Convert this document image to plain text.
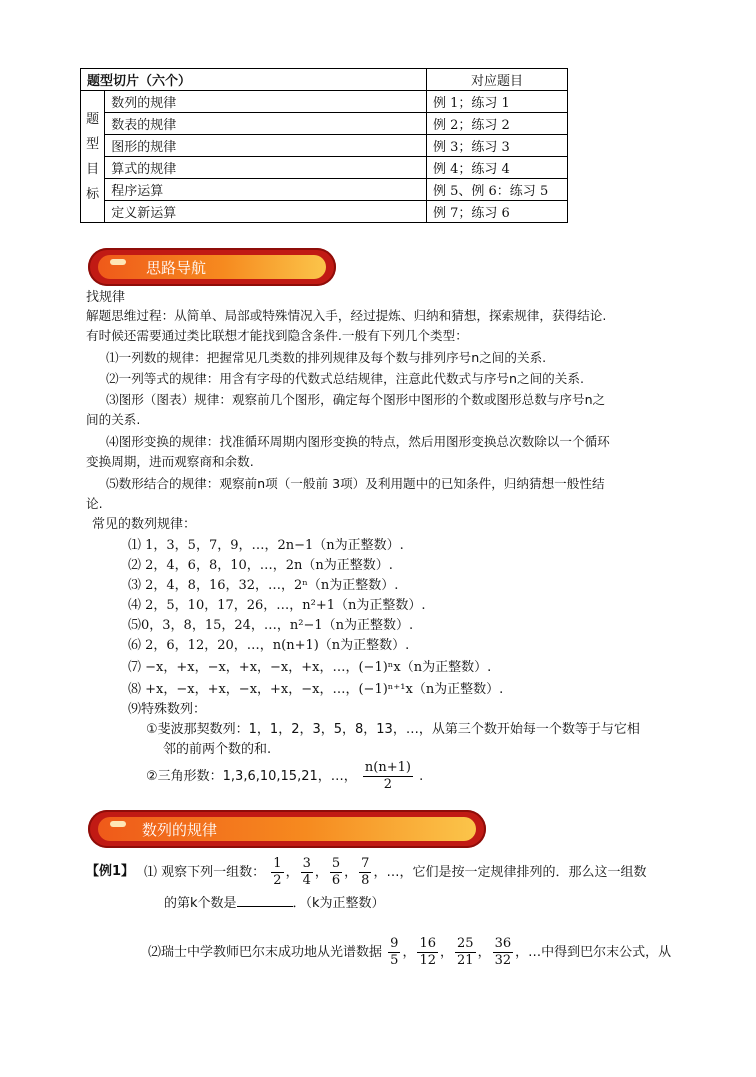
题型切片（六个）		对应题目

题
型
目
标	数列的规律	例 1；练习 1
	数表的规律	例 2；练习 2
	图形的规律	例 3；练习 3
	算式的规律	例 4；练习 4
	程序运算	例 5、例 6：练习 5
	定义新运算	例 7；练习 6
思路导航
找规律
解题思维过程：从简单、局部或特殊情况入手，经过提炼、归纳和猜想，探索规律，获得结论.
有时候还需要通过类比联想才能找到隐含条件.一般有下列几个类型：
⑴一列数的规律：把握常见几类数的排列规律及每个数与排列序号n之间的关系.
⑵一列等式的规律：用含有字母的代数式总结规律，注意此代数式与序号n之间的关系.
⑶图形（图表）规律：观察前几个图形，确定每个图形中图形的个数或图形总数与序号n之
间的关系.
⑷图形变换的规律：找准循环周期内图形变换的特点，然后用图形变换总次数除以一个循环
变换周期，进而观察商和余数.
⑸数形结合的规律：观察前n项（一般前 3项）及利用题中的已知条件，归纳猜想一般性结
论.
常见的数列规律：
⑴ 1，3，5，7，9，…，2n−1（n为正整数）.
⑵ 2，4，6，8，10，…，2n（n为正整数）.
⑶ 2，4，8，16，32，…，2ⁿ（n为正整数）.
⑷ 2，5，10，17，26，…，n²+1（n为正整数）.
⑸0，3，8，15，24，…，n²−1（n为正整数）.
⑹ 2，6，12，20，…，n(n+1)（n为正整数）.
⑺ −x，+x，−x，+x，−x，+x，…，(−1)ⁿx（n为正整数）.
⑻ +x，−x，+x，−x，+x，−x，…，(−1)ⁿ⁺¹x（n为正整数）.
⑼特殊数列：
①斐波那契数列：1，1，2，3，5，8，13，…，从第三个数开始每一个数等于与它相
邻的前两个数的和.
②三角形数：1,3,6,10,15,21，…， $\frac{n(n+1)}{2}$ .
数列的规律
【例1】 ⑴ 观察下列一组数： $\frac{1}{2}$ ， $\frac{3}{4}$ ， $\frac{5}{6}$ ， $\frac{7}{8}$ ，…，它们是按一定规律排列的．那么这一组数
的第k个数是	．（k为正整数）
⑵瑞士中学教师巴尔末成功地从光谱数据 $\frac{9}{5}$ ， $\frac{16}{12}$ ， $\frac{25}{21}$ ， $\frac{36}{32}$ ，…中得到巴尔末公式，从
